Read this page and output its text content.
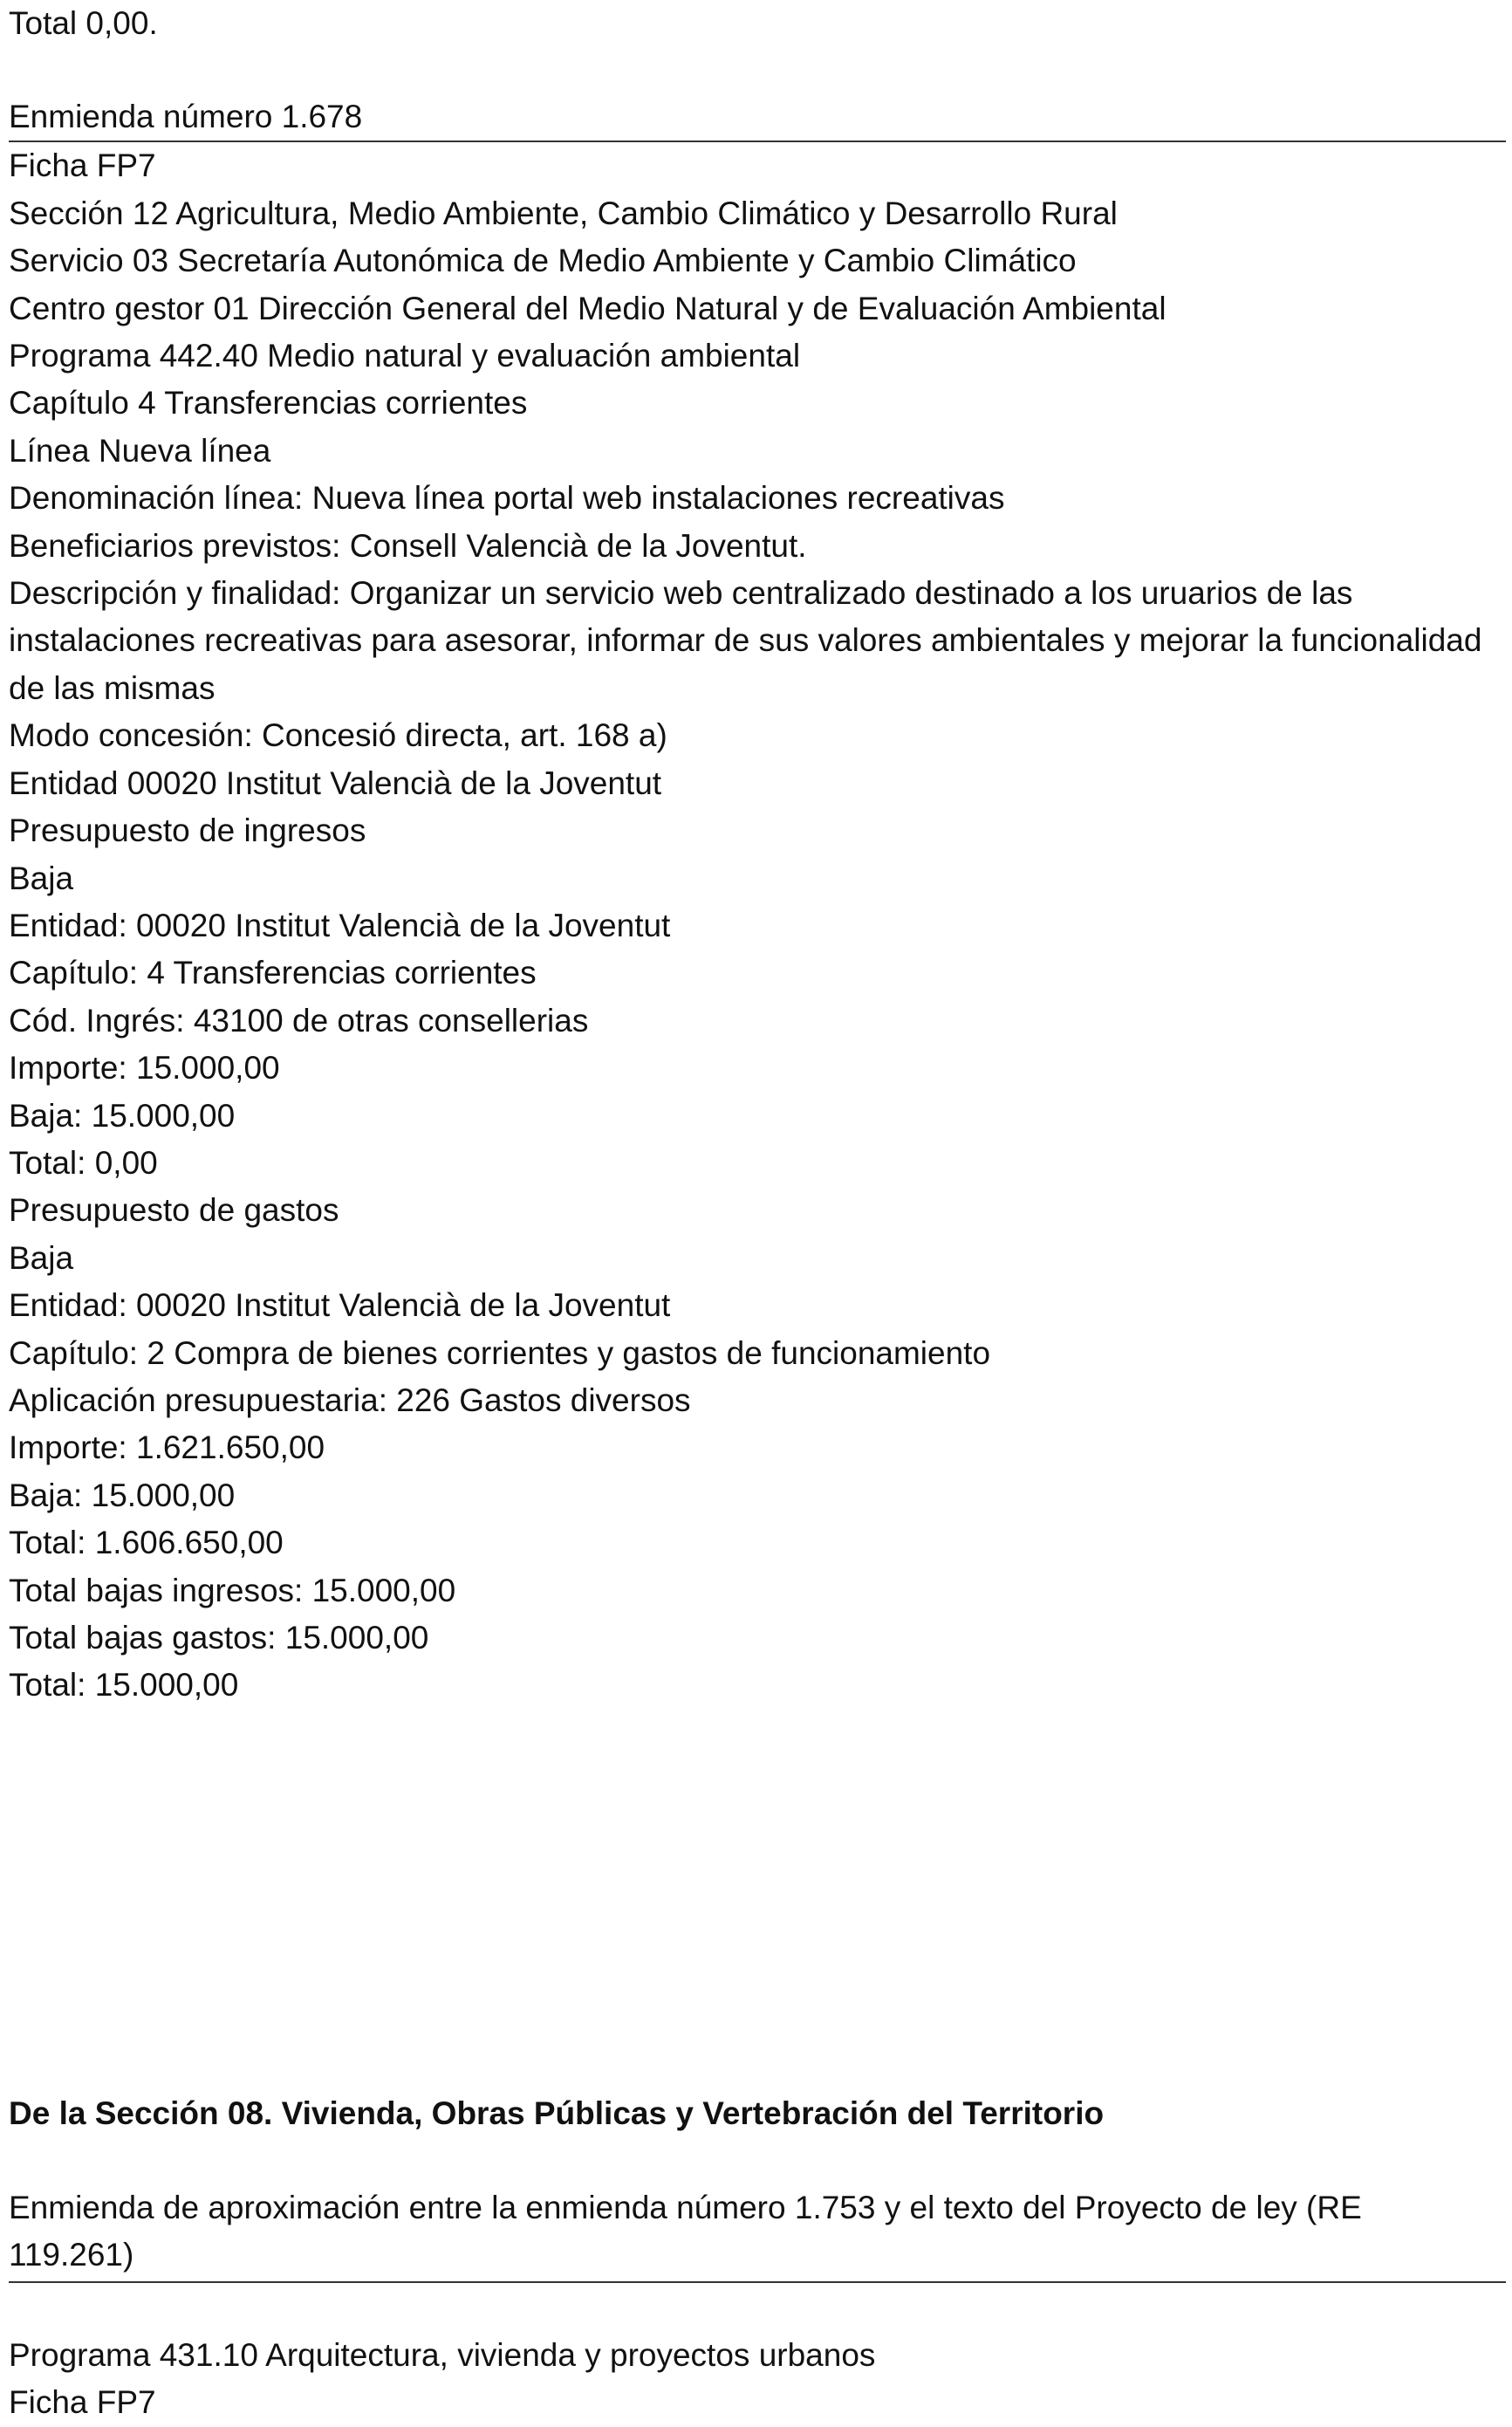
Total 0,00.

Enmienda número 1.678

Ficha FP7

Sección 12 Agricultura, Medio Ambiente, Cambio Climático y Desarrollo Rural

Servicio 03 Secretaría Autonómica de Medio Ambiente y Cambio Climático

Centro gestor 01 Dirección General del Medio Natural y de Evaluación Ambiental

Programa 442.40 Medio natural y evaluación ambiental

Capítulo 4 Transferencias corrientes

Línea Nueva línea

Denominación línea: Nueva línea portal web instalaciones recreativas

Beneficiarios previstos: Consell Valencià de la Joventut.

Descripción y finalidad: Organizar un servicio web centralizado destinado a los uruarios de las instalaciones recreativas para asesorar, informar de sus valores ambientales y mejorar la funcionalidad de las mismas

Modo concesión: Concesió directa, art. 168 a)

Entidad 00020 Institut Valencià de la Joventut

Presupuesto de ingresos

Baja

Entidad: 00020 Institut Valencià de la Joventut

Capítulo: 4 Transferencias corrientes

Cód. Ingrés: 43100 de otras consellerias

Importe: 15.000,00

Baja: 15.000,00

Total: 0,00

Presupuesto de gastos

Baja

Entidad: 00020 Institut Valencià de la Joventut

Capítulo: 2 Compra de bienes corrientes y gastos de funcionamiento

Aplicación presupuestaria: 226 Gastos diversos

Importe: 1.621.650,00

Baja: 15.000,00

Total: 1.606.650,00

Total bajas ingresos: 15.000,00

Total bajas gastos: 15.000,00

Total: 15.000,00

De la Sección 08. Vivienda, Obras Públicas y Vertebración del Territorio

Enmienda de aproximación entre la enmienda número 1.753 y el texto del Proyecto de ley (RE 119.261)

Programa 431.10 Arquitectura, vivienda y proyectos urbanos

Ficha FP7
